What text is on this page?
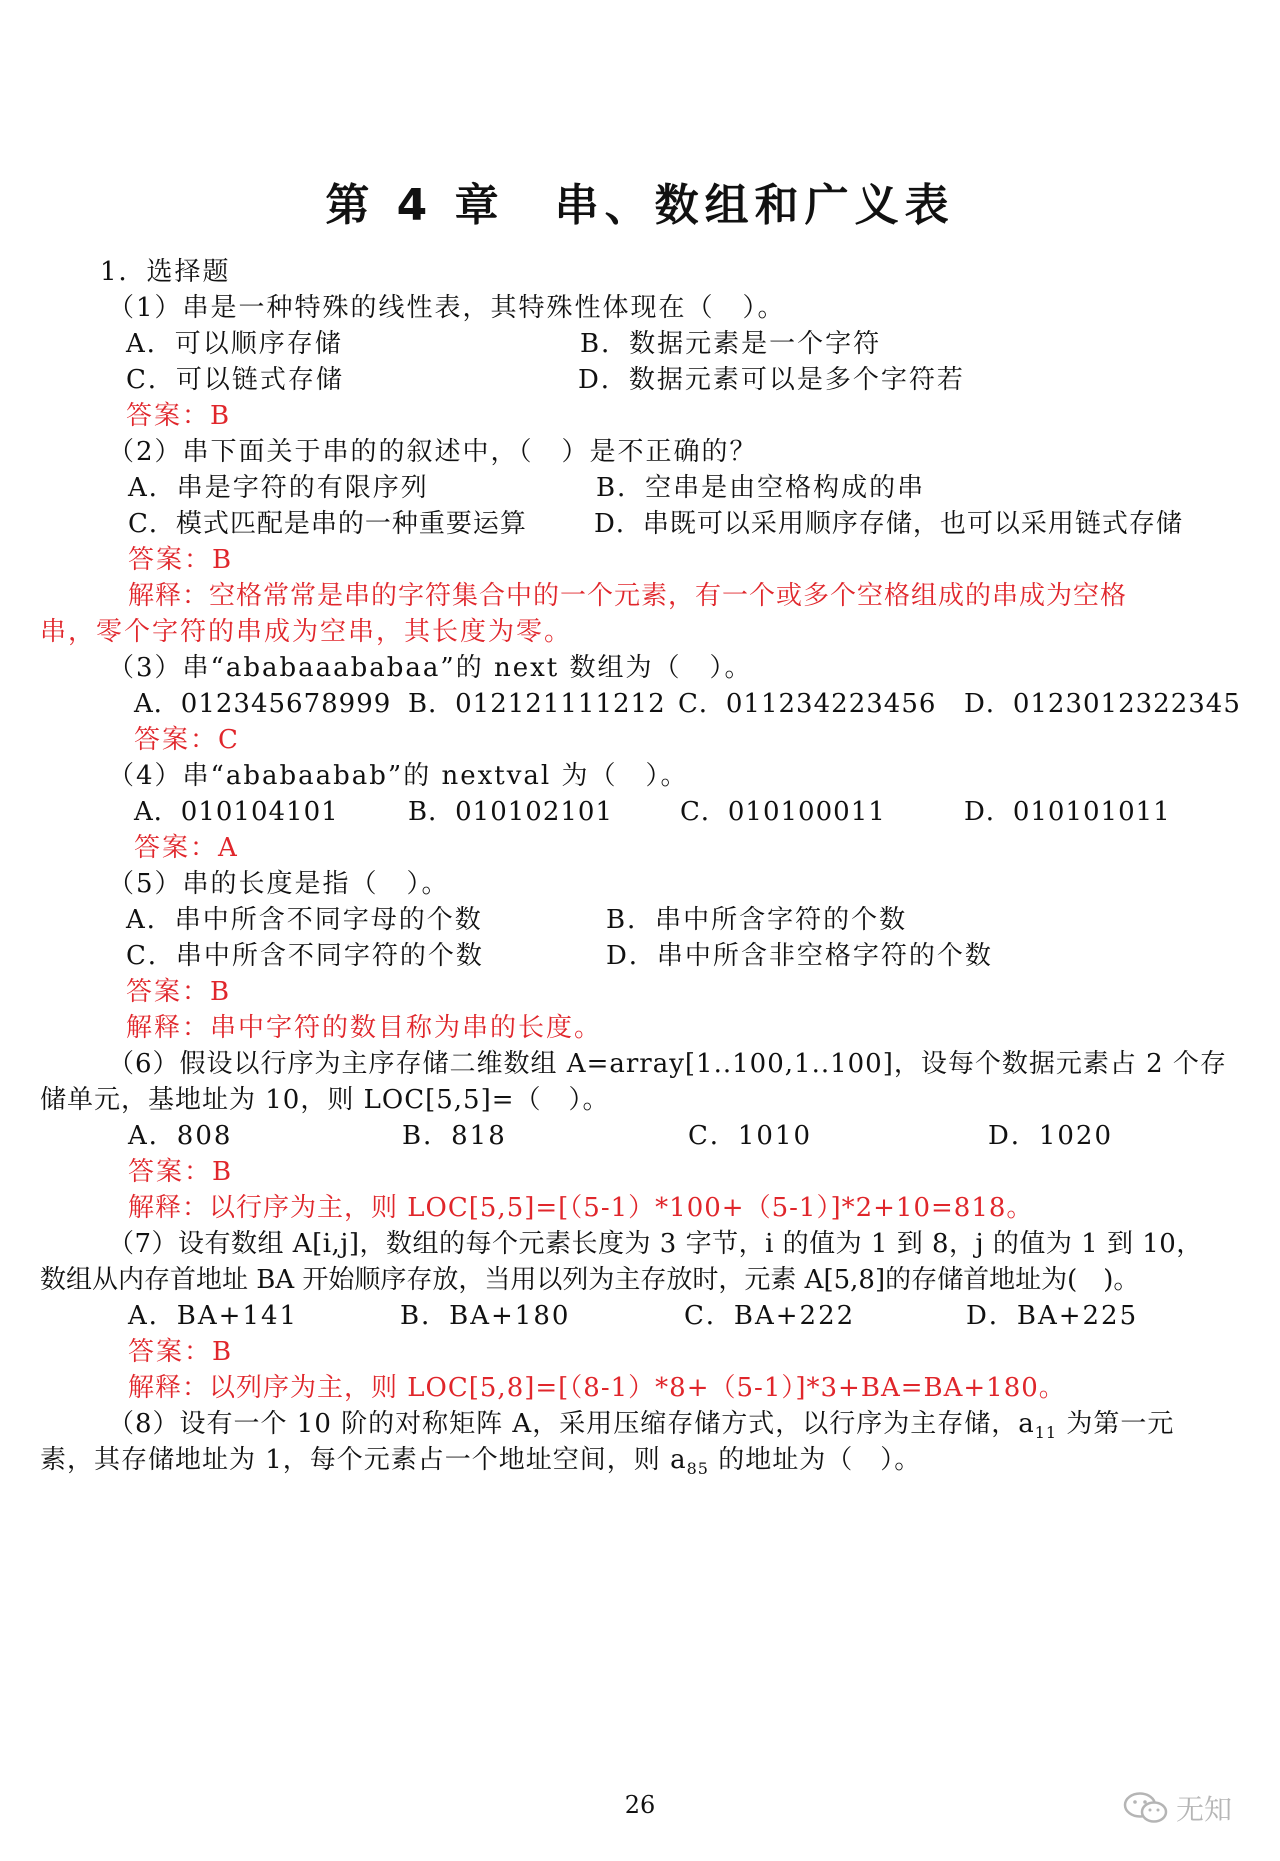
第 4 章　串、数组和广义表
1．选择题
（1）串是一种特殊的线性表，其特殊性体现在（　）。
A．可以顺序存储	B．数据元素是一个字符
C．可以链式存储	D．数据元素可以是多个字符若
答案：B
（2）串下面关于串的的叙述中，（　）是不正确的？
A．串是字符的有限序列	B．空串是由空格构成的串
C．模式匹配是串的一种重要运算	D．串既可以采用顺序存储，也可以采用链式存储
答案：B
解释：空格常常是串的字符集合中的一个元素，有一个或多个空格组成的串成为空格
串，零个字符的串成为空串，其长度为零。
（3）串“ababaaababaa”的 next 数组为（　）。
A．012345678999 B．012121111212 C．011234223456 D．0123012322345
答案：C
（4）串“ababaabab”的 nextval 为（　）。
A．010104101	B．010102101	C．010100011	D．010101011
答案：A
（5）串的长度是指（　）。
A．串中所含不同字母的个数	B．串中所含字符的个数
C．串中所含不同字符的个数	D．串中所含非空格字符的个数
答案：B
解释：串中字符的数目称为串的长度。
（6）假设以行序为主序存储二维数组 A=array[1..100,1..100]，设每个数据元素占 2 个存
储单元，基地址为 10，则 LOC[5,5]=（　）。
A．808	B．818	C．1010	D．1020
答案：B
解释：以行序为主，则 LOC[5,5]=[（5-1）*100+（5-1）]*2+10=818。
（7）设有数组 A[i,j]，数组的每个元素长度为 3 字节，i 的值为 1 到 8，j 的值为 1 到 10，
数组从内存首地址 BA 开始顺序存放，当用以列为主存放时，元素 A[5,8]的存储首地址为(　)。
A．BA+141	B．BA+180	C．BA+222	D．BA+225
答案：B
解释：以列序为主，则 LOC[5,8]=[（8-1）*8+（5-1）]*3+BA=BA+180。
（8）设有一个 10 阶的对称矩阵 A，采用压缩存储方式，以行序为主存储，$a_{11}$ 为第一元
素，其存储地址为 1，每个元素占一个地址空间，则 $a_{85}$ 的地址为（　）。
26	无知
